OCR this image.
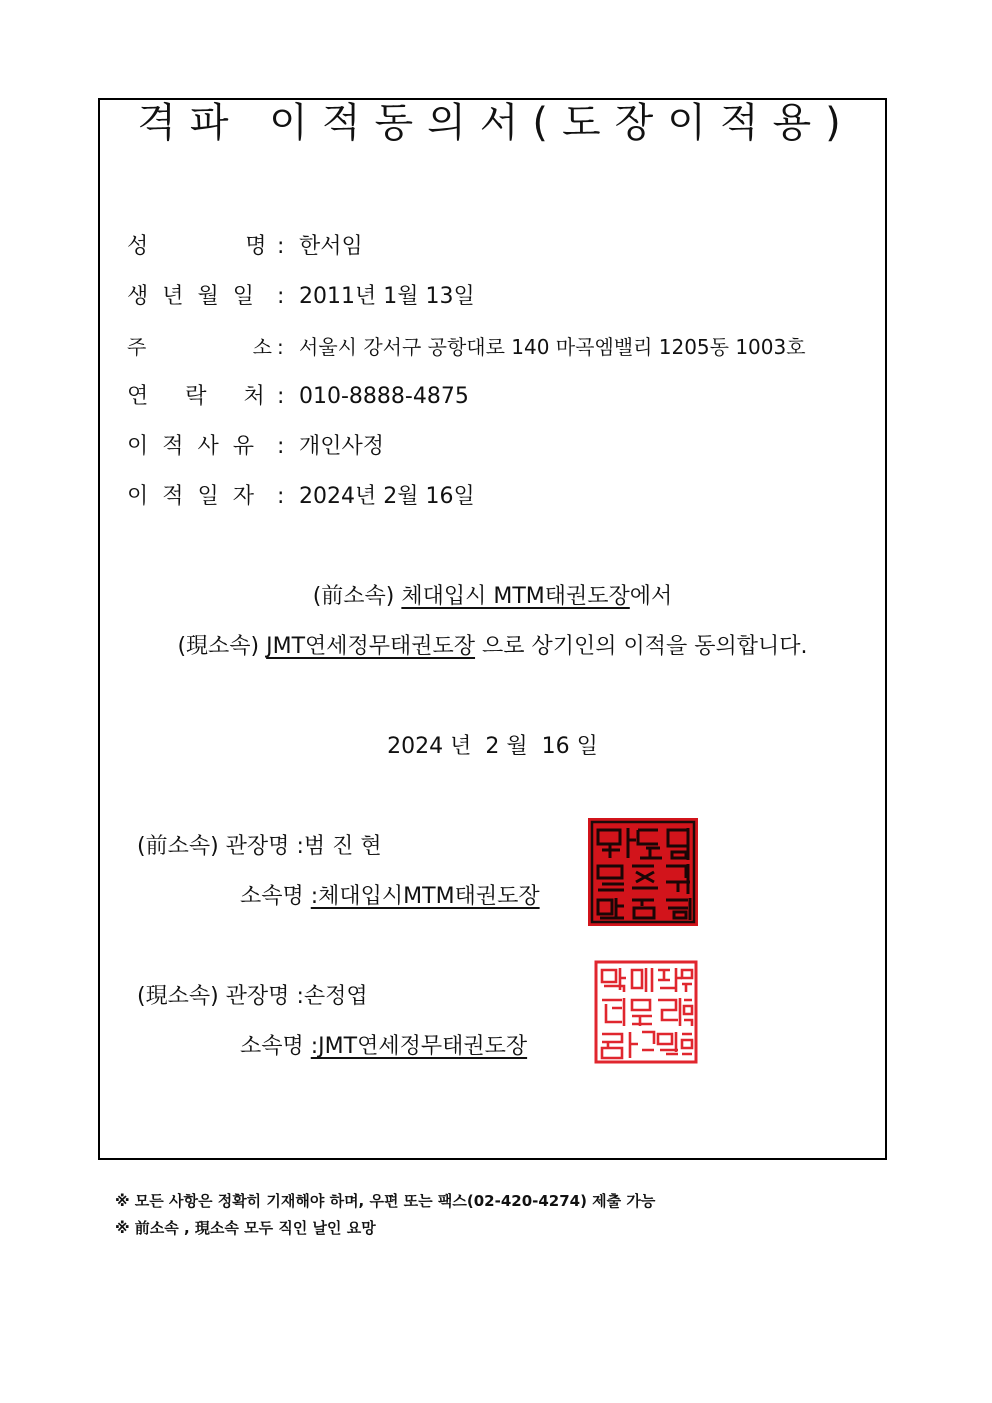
격파 이적동의서(도장이적용)
성 명 : 한서임
생년월일 : 2011년 1월 13일
주 소 : 서울시 강서구 공항대로 140 마곡엠밸리 1205동 1003호
연 락 처 : 010-8888-4875
이적사유 : 개인사정
이적일자 : 2024년 2월 16일
(前소속) 체대입시 MTM태권도장에서
(現소속) JMT연세정무태권도장 으로 상기인의 이적을 동의합니다.
2024 년  2 월  16 일
(前소속) 관장명 :범 진 현
소속명 :체대입시MTM태권도장
(現소속) 관장명 :손정엽
소속명 :JMT연세정무태권도장
※ 모든 사항은 정확히 기재해야 하며, 우편 또는 팩스(02-420-4274) 제출 가능
※ 前소속 , 現소속 모두 직인 날인 요망
